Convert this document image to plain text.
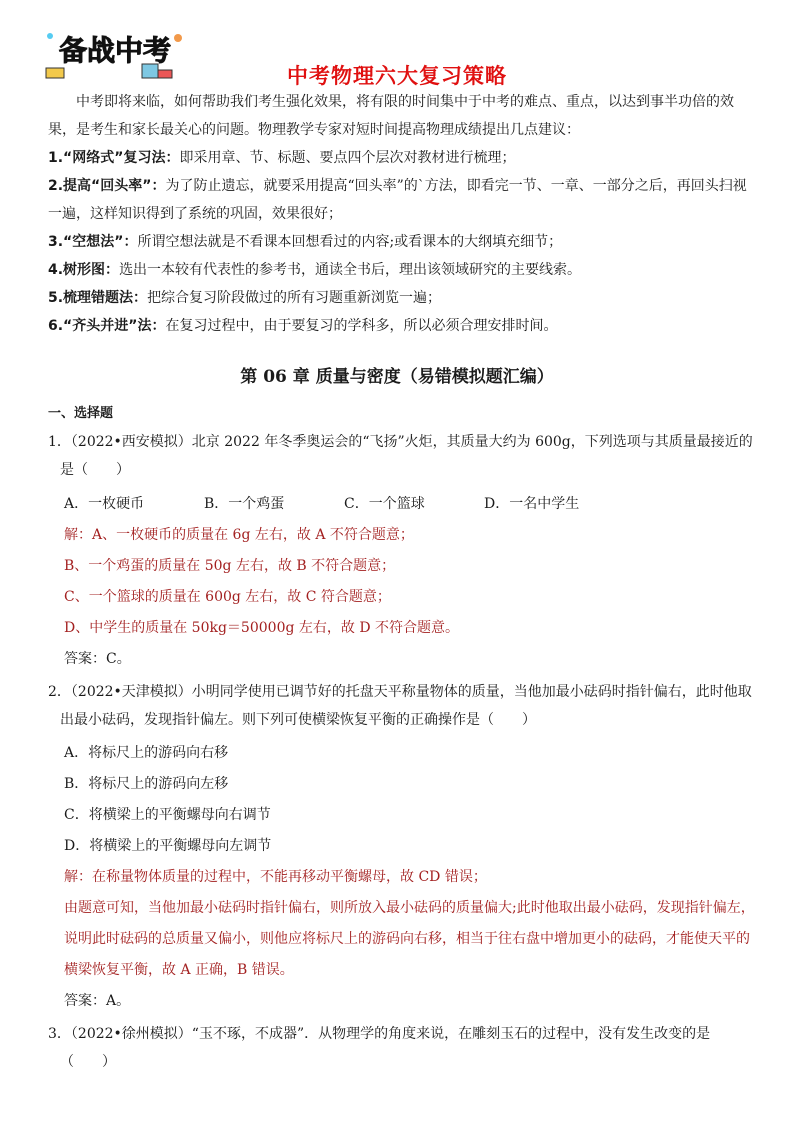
备战中考
中考物理六大复习策略
中考即将来临，如何帮助我们考生强化效果，将有限的时间集中于中考的难点、重点，以达到事半功倍的效果，是考生和家长最关心的问题。物理教学专家对短时间提高物理成绩提出几点建议：
1.“网络式”复习法：即采用章、节、标题、要点四个层次对教材进行梳理；
2.提高“回头率”：为了防止遗忘，就要采用提高“回头率”的`方法，即看完一节、一章、一部分之后，再回头扫视一遍，这样知识得到了系统的巩固，效果很好；
3.“空想法”：所谓空想法就是不看课本回想看过的内容;或看课本的大纲填充细节；
4.树形图：选出一本较有代表性的参考书，通读全书后，理出该领域研究的主要线索。
5.梳理错题法：把综合复习阶段做过的所有习题重新浏览一遍；
6.“齐头并进”法：在复习过程中，由于要复习的学科多，所以必须合理安排时间。
第 06 章 质量与密度（易错模拟题汇编）
一、选择题
1．（2022•西安模拟）北京 2022 年冬季奥运会的“飞扬”火炬，其质量大约为 600g，下列选项与其质量最接近的是（　　）
A．一枚硬币	B．一个鸡蛋	C．一个篮球	D．一名中学生
解：A、一枚硬币的质量在 6g 左右，故 A 不符合题意；
B、一个鸡蛋的质量在 50g 左右，故 B 不符合题意；
C、一个篮球的质量在 600g 左右，故 C 符合题意；
D、中学生的质量在 50kg＝50000g 左右，故 D 不符合题意。
答案：C。
2．（2022•天津模拟）小明同学使用已调节好的托盘天平称量物体的质量，当他加最小砝码时指针偏右，此时他取出最小砝码，发现指针偏左。则下列可使横梁恢复平衡的正确操作是（　　）
A．将标尺上的游码向右移
B．将标尺上的游码向左移
C．将横梁上的平衡螺母向右调节
D．将横梁上的平衡螺母向左调节
解：在称量物体质量的过程中，不能再移动平衡螺母，故 CD 错误；
由题意可知，当他加最小砝码时指针偏右，则所放入最小砝码的质量偏大;此时他取出最小砝码，发现指针偏左，说明此时砝码的总质量又偏小，则他应将标尺上的游码向右移，相当于往右盘中增加更小的砝码，才能使天平的横梁恢复平衡，故 A 正确，B 错误。
答案：A。
3．（2022•徐州模拟）“玉不琢，不成器”．从物理学的角度来说，在雕刻玉石的过程中，没有发生改变的是（　　）
